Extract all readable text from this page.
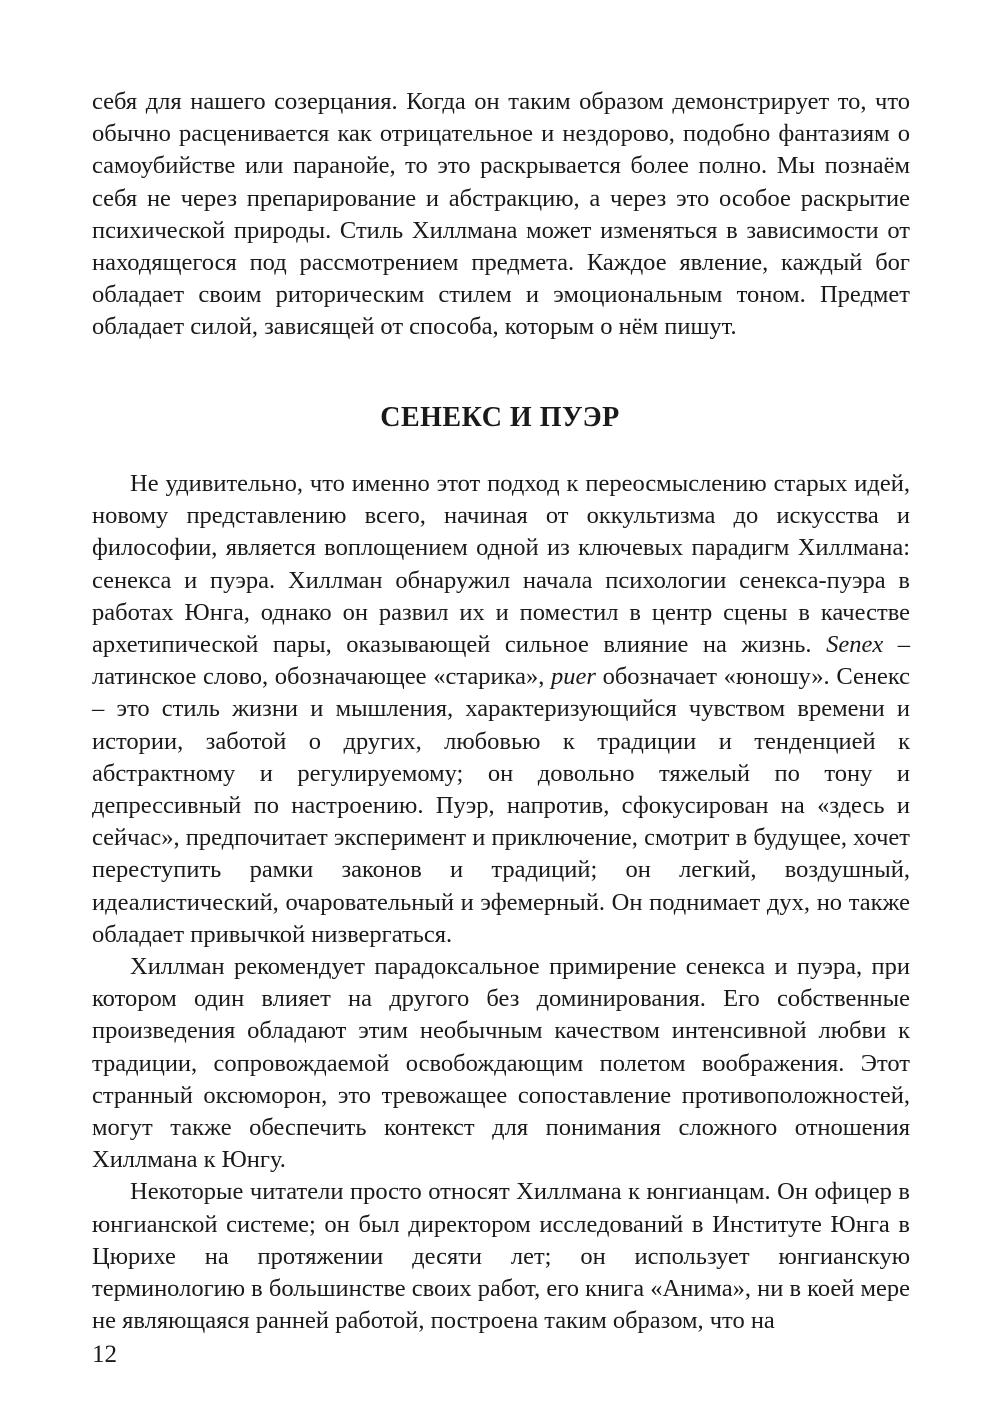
себя для нашего созерцания. Когда он таким образом демонстрирует то, что обычно расценивается как отрицательное и нездорово, подобно фантазиям о самоубийстве или паранойе, то это раскрывается более полно. Мы познаём себя не через препарирование и абстракцию, а через это особое раскрытие психической природы. Стиль Хиллмана может изменяться в зависимости от находящегося под рассмотрением предмета. Каждое явление, каждый бог обладает своим риторическим стилем и эмоциональным тоном. Предмет обладает силой, зависящей от способа, которым о нём пишут.

СЕНЕКС И ПУЭР

Не удивительно, что именно этот подход к переосмыслению старых идей, новому представлению всего, начиная от оккультизма до искусства и философии, является воплощением одной из ключевых парадигм Хиллмана: сенекса и пуэра. Хиллман обнаружил начала психологии сенекса-пуэра в работах Юнга, однако он развил их и поместил в центр сцены в качестве архетипической пары, оказывающей сильное влияние на жизнь. Senex – латинское слово, обозначающее «старика», puer обозначает «юношу». Сенекс – это стиль жизни и мышления, характеризующийся чувством времени и истории, заботой о других, любовью к традиции и тенденцией к абстрактному и регулируемому; он довольно тяжелый по тону и депрессивный по настроению. Пуэр, напротив, сфокусирован на «здесь и сейчас», предпочитает эксперимент и приключение, смотрит в будущее, хочет переступить рамки законов и традиций; он легкий, воздушный, идеалистический, очаровательный и эфемерный. Он поднимает дух, но также обладает привычкой низвергаться.

Хиллман рекомендует парадоксальное примирение сенекса и пуэра, при котором один влияет на другого без доминирования. Его собственные произведения обладают этим необычным качеством интенсивной любви к традиции, сопровождаемой освобождающим полетом воображения. Этот странный оксюморон, это тревожащее сопоставление противоположностей, могут также обеспечить контекст для понимания сложного отношения Хиллмана к Юнгу.

Некоторые читатели просто относят Хиллмана к юнгианцам. Он офицер в юнгианской системе; он был директором исследований в Институте Юнга в Цюрихе на протяжении десяти лет; он использует юнгианскую терминологию в большинстве своих работ, его книга «Анима», ни в коей мере не являющаяся ранней работой, построена таким образом, что на

12
